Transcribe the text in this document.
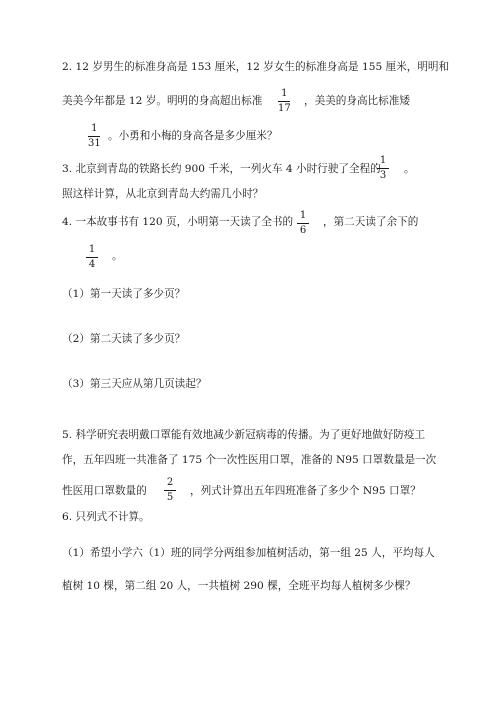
2. 12 岁男生的标准身高是 153 厘米，12 岁女生的标准身高是 155 厘米，明明和
美美今年都是 12 岁。明明的身高超出标准
1
17
，美美的身高比标准矮
1
31
。小勇和小梅的身高各是多少厘米？
3. 北京到青岛的铁路长约 900 千米，一列火车 4 小时行驶了全程的
1
3
。
照这样计算，从北京到青岛大约需几小时？
4. 一本故事书有 120 页，小明第一天读了全书的
1
6
，第二天读了余下的
1
4
。
（1）第一天读了多少页？
（2）第二天读了多少页？
（3）第三天应从第几页读起？
5. 科学研究表明戴口罩能有效地减少新冠病毒的传播。为了更好地做好防疫工
作，五年四班一共准备了 175 个一次性医用口罩，准备的 N95 口罩数量是一次
性医用口罩数量的
2
5
，列式计算出五年四班准备了多少个 N95 口罩？
6. 只列式不计算。
（1）希望小学六（1）班的同学分两组参加植树活动，第一组 25 人，平均每人
植树 10 棵，第二组 20 人，一共植树 290 棵，全班平均每人植树多少棵？
